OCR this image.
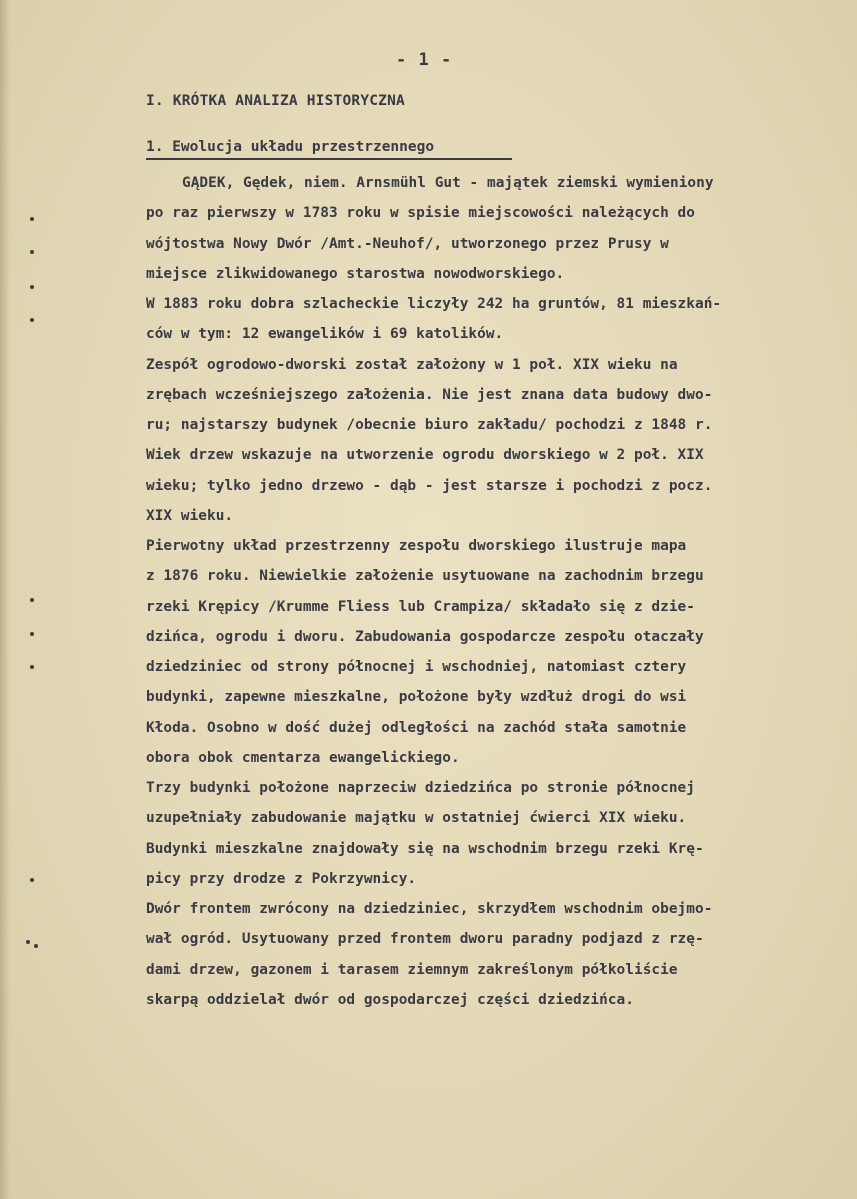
- 1 -
I. KRÓTKA ANALIZA HISTORYCZNA
1. Ewolucja układu przestrzennego
GĄDEK, Gędek, niem. Arnsmühl Gut - majątek ziemski wymieniony
po raz pierwszy w 1783 roku w spisie miejscowości należących do
wójtostwa Nowy Dwór /Amt.-Neuhof/, utworzonego przez Prusy w
miejsce zlikwidowanego starostwa nowodworskiego.
W 1883 roku dobra szlacheckie liczyły 242 ha gruntów, 81 mieszkań-
ców w tym: 12 ewangelików i 69 katolików.
Zespół ogrodowo-dworski został założony w 1 poł. XIX wieku na
zrębach wcześniejszego założenia. Nie jest znana data budowy dwo-
ru; najstarszy budynek /obecnie biuro zakładu/ pochodzi z 1848 r.
Wiek drzew wskazuje na utworzenie ogrodu dworskiego w 2 poł. XIX
wieku; tylko jedno drzewo - dąb - jest starsze i pochodzi z pocz.
XIX wieku.
Pierwotny układ przestrzenny zespołu dworskiego ilustruje mapa
z 1876 roku. Niewielkie założenie usytuowane na zachodnim brzegu
rzeki Krępicy /Krumme Fliess lub Crampiza/ składało się z dzie-
dzińca, ogrodu i dworu. Zabudowania gospodarcze zespołu otaczały
dziedziniec od strony północnej i wschodniej, natomiast cztery
budynki, zapewne mieszkalne, położone były wzdłuż drogi do wsi
Kłoda. Osobno w dość dużej odległości na zachód stała samotnie
obora obok cmentarza ewangelickiego.
Trzy budynki położone naprzeciw dziedzińca po stronie północnej
uzupełniały zabudowanie majątku w ostatniej ćwierci XIX wieku.
Budynki mieszkalne znajdowały się na wschodnim brzegu rzeki Krę-
picy przy drodze z Pokrzywnicy.
Dwór frontem zwrócony na dziedziniec, skrzydłem wschodnim obejmo-
wał ogród. Usytuowany przed frontem dworu paradny podjazd z rzę-
dami drzew, gazonem i tarasem ziemnym zakreślonym półkoliście
skarpą oddzielał dwór od gospodarczej części dziedzińca.
